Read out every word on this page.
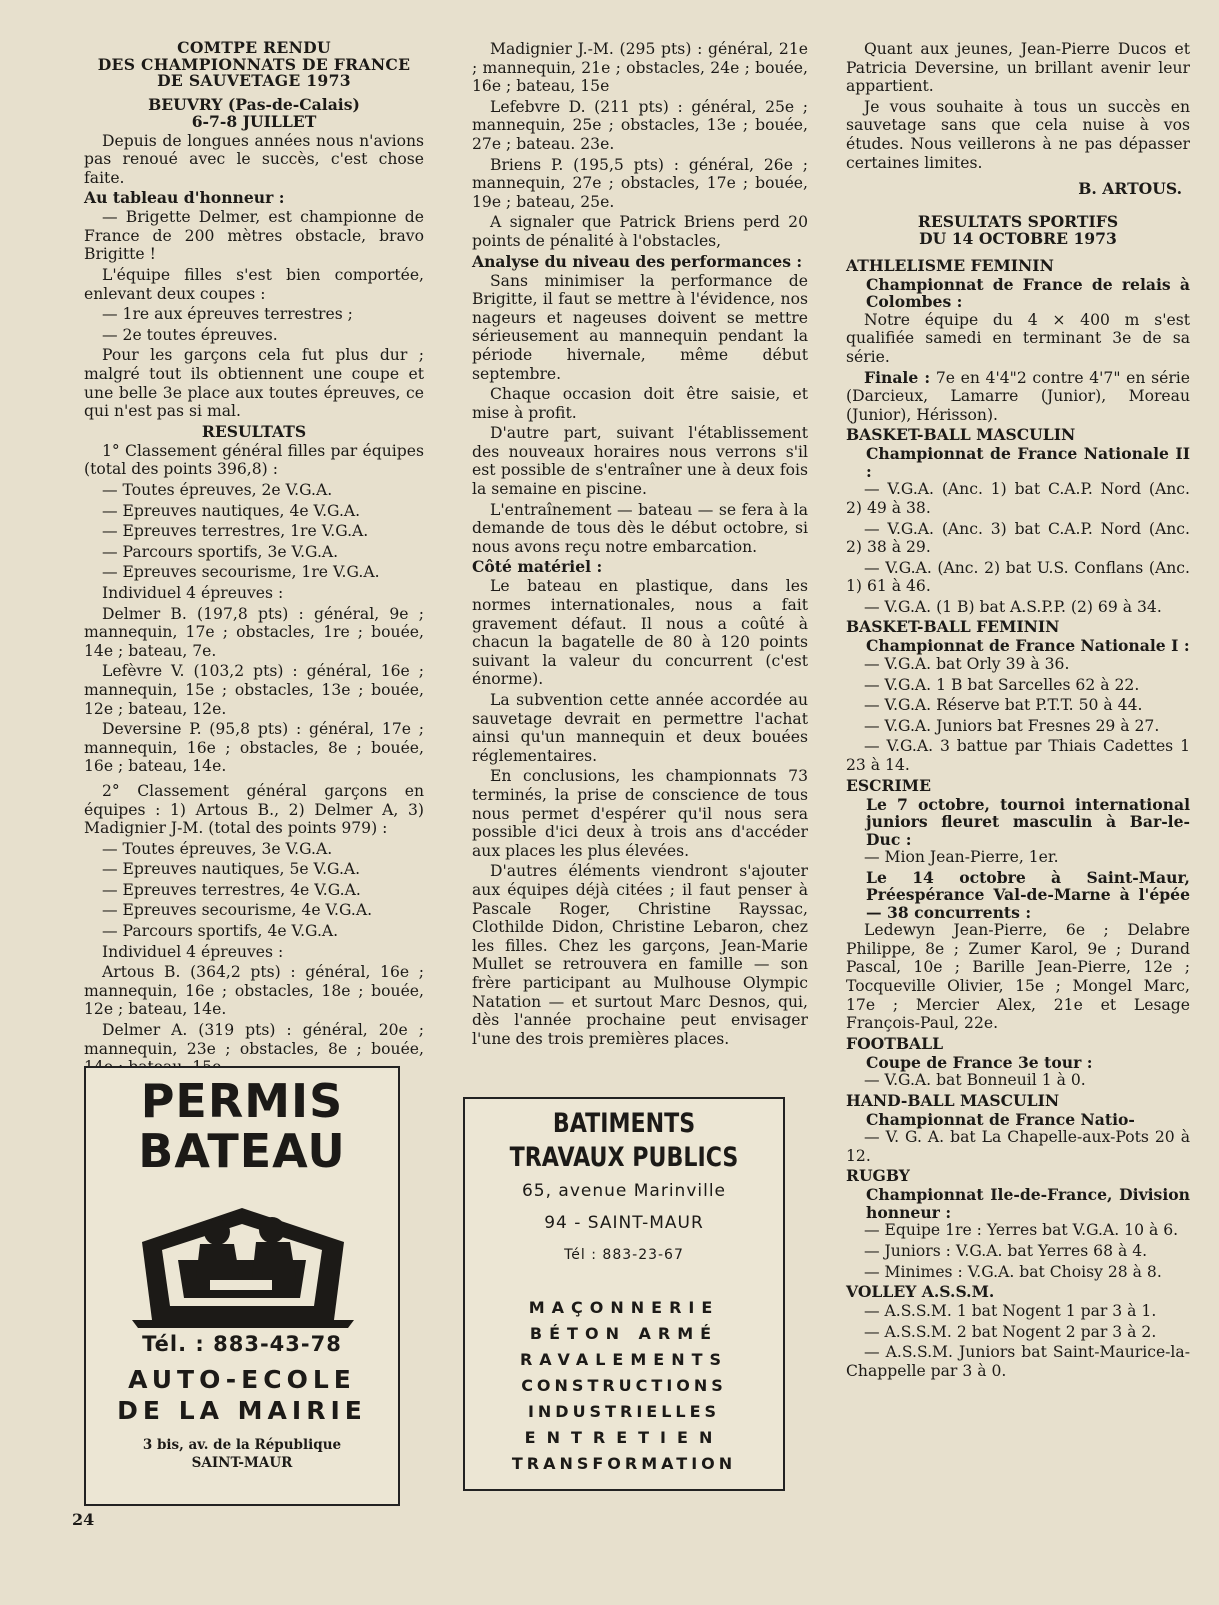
COMTPE RENDU
DES CHAMPIONNATS DE FRANCE
DE SAUVETAGE 1973
BEUVRY (Pas-de-Calais)
6-7-8 JUILLET

Depuis de longues années nous n'avions pas renoué avec le succès, c'est chose faite.

Au tableau d'honneur :

— Brigette Delmer, est championne de France de 200 mètres obstacle, bravo Brigitte !

L'équipe filles s'est bien comportée, enlevant deux coupes :

— 1re aux épreuves terrestres ;

— 2e toutes épreuves.

Pour les garçons cela fut plus dur ; malgré tout ils obtiennent une coupe et une belle 3e place aux toutes épreuves, ce qui n'est pas si mal.

RESULTATS

1° Classement général filles par équipes (total des points 396,8) :

— Toutes épreuves, 2e V.G.A.

— Epreuves nautiques, 4e V.G.A.

— Epreuves terrestres, 1re V.G.A.

— Parcours sportifs, 3e V.G.A.

— Epreuves secourisme, 1re V.G.A.

Individuel 4 épreuves :

Delmer B. (197,8 pts) : général, 9e ; mannequin, 17e ; obstacles, 1re ; bouée, 14e ; bateau, 7e.

Lefèvre V. (103,2 pts) : général, 16e ; mannequin, 15e ; obstacles, 13e ; bouée, 12e ; bateau, 12e.

Deversine P. (95,8 pts) : général, 17e ; mannequin, 16e ; obstacles, 8e ; bouée, 16e ; bateau, 14e.

2° Classement général garçons en équipes : 1) Artous B., 2) Delmer A, 3) Madignier J-M. (total des points 979) :

— Toutes épreuves, 3e V.G.A.

— Epreuves nautiques, 5e V.G.A.

— Epreuves terrestres, 4e V.G.A.

— Epreuves secourisme, 4e V.G.A.

— Parcours sportifs, 4e V.G.A.

Individuel 4 épreuves :

Artous B. (364,2 pts) : général, 16e ; mannequin, 16e ; obstacles, 18e ; bouée, 12e ; bateau, 14e.

Delmer A. (319 pts) : général, 20e ; mannequin, 23e ; obstacles, 8e ; bouée,

Madignier J.-M. (295 pts) : général, 21e ; mannequin, 21e ; obstacles, 24e ; bouée, 16e ; bateau, 15e

Lefebvre D. (211 pts) : général, 25e ; mannequin, 25e ; obstacles, 13e ; bouée, 27e ; bateau. 23e.

Briens P. (195,5 pts) : général, 26e ; mannequin, 27e ; obstacles, 17e ; bouée, 19e ; bateau, 25e.

A signaler que Patrick Briens perd 20 points de pénalité à l'obstacles,

Analyse du niveau des performances :

Sans minimiser la performance de Brigitte, il faut se mettre à l'évidence, nos nageurs et nageuses doivent se mettre sérieusement au mannequin pendant la période hivernale, même début septembre.

Chaque occasion doit être saisie, et mise à profit.

D'autre part, suivant l'établissement des nouveaux horaires nous verrons s'il est possible de s'entraîner une à deux fois la semaine en piscine.

L'entraînement — bateau — se fera à la demande de tous dès le début octobre, si nous avons reçu notre embarcation.

Côté matériel :

Le bateau en plastique, dans les normes internationales, nous a fait gravement défaut. Il nous a coûté à chacun la bagatelle de 80 à 120 points suivant la valeur du concurrent (c'est énorme).

La subvention cette année accordée au sauvetage devrait en permettre l'achat ainsi qu'un mannequin et deux bouées réglementaires.

En conclusions, les championnats 73 terminés, la prise de conscience de tous nous permet d'espérer qu'il nous sera possible d'ici deux à trois ans d'accéder aux places les plus élevées.

D'autres éléments viendront s'ajouter aux équipes déjà citées ; il faut penser à Pascale Roger, Christine Rayssac, Clothilde Didon, Christine Lebaron, chez les filles. Chez les garçons, Jean-Marie Mullet se retrouvera en famille — son frère participant au Mulhouse Olympic Natation — et surtout Marc Desnos, qui, dès l'année prochaine peut envisager l'une des trois premières places.

Quant aux jeunes, Jean-Pierre Ducos et Patricia Deversine, un brillant avenir leur appartient.

Je vous souhaite à tous un succès en sauvetage sans que cela nuise à vos études. Nous veillerons à ne pas dépasser certaines limites.

B. ARTOUS.

RESULTATS SPORTIFS
DU 14 OCTOBRE 1973
ATHLELISME FEMININ

Championnat de France de relais à Colombes :

Notre équipe du 4 × 400 m s'est qualifiée samedi en terminant 3e de sa série.

Finale : 7e en 4'4"2 contre 4'7" en série (Darcieux, Lamarre (Junior), Moreau (Junior), Hérisson).

BASKET-BALL MASCULIN

Championnat de France Nationale II :

— V.G.A. (Anc. 1) bat C.A.P. Nord (Anc. 2) 49 à 38.

— V.G.A. (Anc. 3) bat C.A.P. Nord (Anc. 2) 38 à 29.

— V.G.A. (Anc. 2) bat U.S. Conflans (Anc. 1) 61 à 46.

— V.G.A. (1 B) bat A.S.P.P. (2) 69 à 34.

BASKET-BALL FEMININ

Championnat de France Nationale I :

— V.G.A. bat Orly 39 à 36.

— V.G.A. 1 B bat Sarcelles 62 à 22.

— V.G.A. Réserve bat P.T.T. 50 à 44.

— V.G.A. Juniors bat Fresnes 29 à 27.

— V.G.A. 3 battue par Thiais Cadettes 1 23 à 14.

ESCRIME

Le 7 octobre, tournoi international juniors fleuret masculin à Bar-le-Duc :

— Mion Jean-Pierre, 1er.

Le 14 octobre à Saint-Maur, Préespérance Val-de-Marne à l'épée — 38 concurrents :

Ledewyn Jean-Pierre, 6e ; Delabre Philippe, 8e ; Zumer Karol, 9e ; Durand Pascal, 10e ; Barille Jean-Pierre, 12e ; Tocqueville Olivier, 15e ; Mongel Marc, 17e ; Mercier Alex, 21e et Lesage François-Paul, 22e.

FOOTBALL

Coupe de France 3e tour :

— V.G.A. bat Bonneuil 1 à 0.

HAND-BALL MASCULIN

Championnat de France Natio-

— V. G. A. bat La Chapelle-aux-Pots 20 à 12.

RUGBY

Championnat Ile-de-France, Division honneur :

— Equipe 1re : Yerres bat V.G.A. 10 à 6.

— Juniors : V.G.A. bat Yerres 68 à 4.

— Minimes : V.G.A. bat Choisy 28 à 8.

VOLLEY A.S.S.M.

— A.S.S.M. 1 bat Nogent 1 par 3 à 1.

— A.S.S.M. 2 bat Nogent 2 par 3 à 2.

— A.S.S.M. Juniors bat Saint-Maurice-la-Chappelle par 3 à 0.

PERMIS
BATEAU
Tél. : 883-43-78
AUTO-ECOLE
DE LA MAIRIE
3 bis, av. de la République
SAINT-MAUR
BATIMENTS
TRAVAUX PUBLICS
65, avenue Marinville
94 - SAINT-MAUR
Tél : 883-23-67
MAÇONNERIE
BÉTON ARMÉ
RAVALEMENTS
CONSTRUCTIONS
INDUSTRIELLES
ENTRETIEN
TRANSFORMATION
24
